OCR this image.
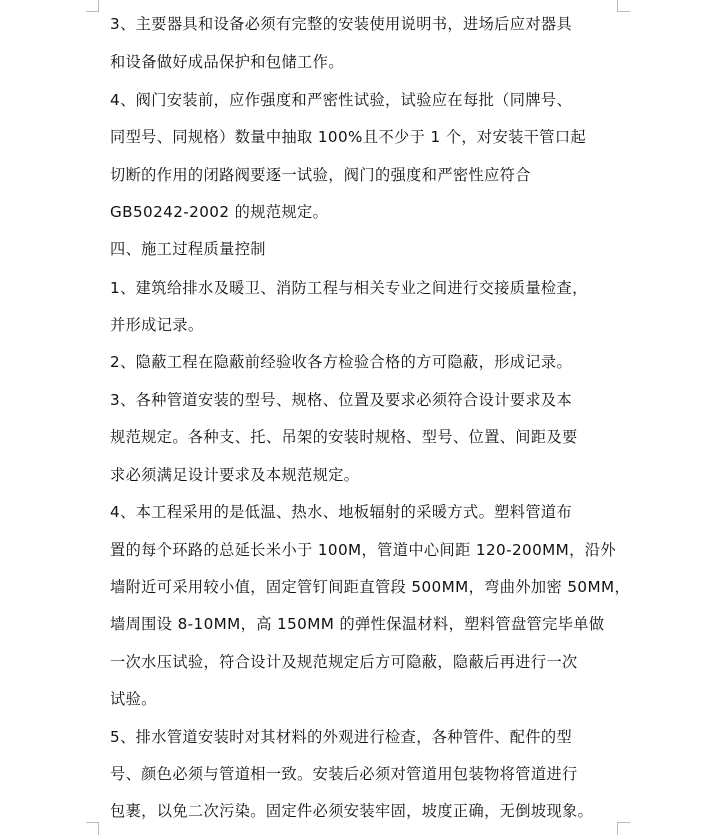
3、主要器具和设备必须有完整的安装使用说明书，进场后应对器具
和设备做好成品保护和包储工作。
4、阀门安装前，应作强度和严密性试验，试验应在每批（同牌号、
同型号、同规格）数量中抽取 100%且不少于 1 个，对安装干管口起
切断的作用的闭路阀要逐一试验，阀门的强度和严密性应符合
GB50242-2002 的规范规定。
四、施工过程质量控制
1、建筑给排水及暖卫、消防工程与相关专业之间进行交接质量检查，
并形成记录。
2、隐蔽工程在隐蔽前经验收各方检验合格的方可隐蔽，形成记录。
3、各种管道安装的型号、规格、位置及要求必须符合设计要求及本
规范规定。各种支、托、吊架的安装时规格、型号、位置、间距及要
求必须满足设计要求及本规范规定。
4、本工程采用的是低温、热水、地板辐射的采暖方式。塑料管道布
置的每个环路的总延长米小于 100M，管道中心间距 120-200MM，沿外
墙附近可采用较小值，固定管钉间距直管段 500MM，弯曲外加密 50MM，
墙周围设 8-10MM，高 150MM 的弹性保温材料，塑料管盘管完毕单做
一次水压试验，符合设计及规范规定后方可隐蔽，隐蔽后再进行一次
试验。
5、排水管道安装时对其材料的外观进行检查，各种管件、配件的型
号、颜色必须与管道相一致。安装后必须对管道用包装物将管道进行
包裹，以免二次污染。固定件必须安装牢固，坡度正确，无倒坡现象。
